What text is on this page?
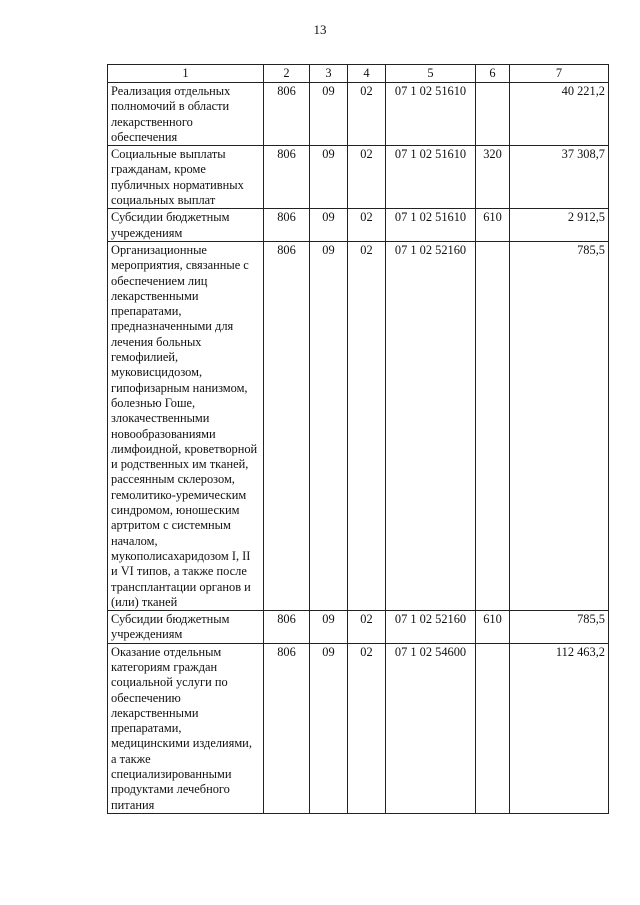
13
1	2	3	4	5	6	7
Реализация отдельных полномочий в области лекарственного обеспечения	806	09	02	07 1 02 51610		40 221,2
Социальные выплаты гражданам, кроме публичных нормативных социальных выплат	806	09	02	07 1 02 51610	320	37 308,7
Субсидии бюджетным учреждениям	806	09	02	07 1 02 51610	610	2 912,5
Организационные мероприятия, связанные с обеспечением лиц лекарственными препаратами, предназначенными для лечения больных гемофилией, муковисцидозом, гипофизарным нанизмом, болезнью Гоше, злокачественными новообразованиями лимфоидной, кроветворной и родственных им тканей, рассеянным склерозом, гемолитико-уремическим синдромом, юношеским артритом с системным началом, мукополисахаридозом I, II и VI типов, а также после трансплантации органов и (или) тканей	806	09	02	07 1 02 52160		785,5
Субсидии бюджетным учреждениям	806	09	02	07 1 02 52160	610	785,5
Оказание отдельным категориям граждан социальной услуги по обеспечению лекарственными препаратами, медицинскими изделиями, а также специализированными продуктами лечебного питания	806	09	02	07 1 02 54600		112 463,2
